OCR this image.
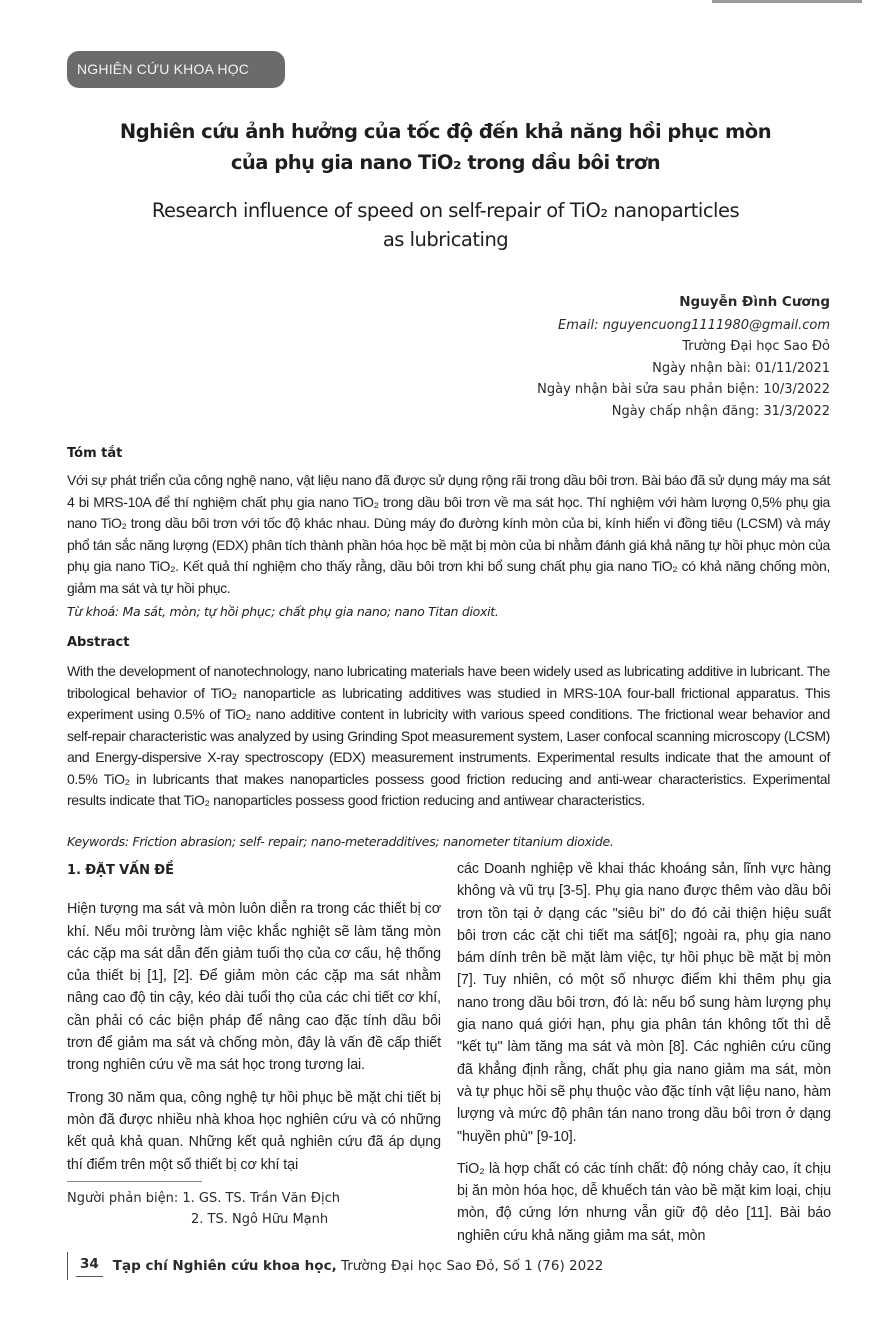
NGHIÊN CỨU KHOA HỌC
Nghiên cứu ảnh hưởng của tốc độ đến khả năng hồi phục mòn
của phụ gia nano TiO₂ trong dầu bôi trơn
Research influence of speed on self-repair of TiO₂ nanoparticles
as lubricating
Nguyễn Đình Cương
Email: nguyencuong1111980@gmail.com
Trường Đại học Sao Đỏ
Ngày nhận bài: 01/11/2021
Ngày nhận bài sửa sau phản biện: 10/3/2022
Ngày chấp nhận đăng: 31/3/2022
Tóm tắt
Với sự phát triển của công nghệ nano, vật liệu nano đã được sử dụng rộng rãi trong dầu bôi trơn. Bài báo đã sử dụng máy ma sát 4 bi MRS-10A để thí nghiệm chất phụ gia nano TiO₂ trong dầu bôi trơn về ma sát học. Thí nghiệm với hàm lượng 0,5% phụ gia nano TiO₂ trong dầu bôi trơn với tốc độ khác nhau. Dùng máy đo đường kính mòn của bi, kính hiển vi đồng tiêu (LCSM) và máy phổ tán sắc năng lượng (EDX) phân tích thành phần hóa học bề mặt bị mòn của bi nhằm đánh giá khả năng tự hồi phục mòn của phụ gia nano TiO₂. Kết quả thí nghiệm cho thấy rằng, dầu bôi trơn khi bổ sung chất phụ gia nano TiO₂ có khả năng chống mòn, giảm ma sát và tự hồi phục.
Từ khoá: Ma sát, mòn; tự hồi phục; chất phụ gia nano; nano Titan dioxit.
Abstract
With the development of nanotechnology, nano lubricating materials have been widely used as lubricating additive in lubricant. The tribological behavior of TiO₂ nanoparticle as lubricating additives was studied in MRS-10A four-ball frictional apparatus. This experiment using 0.5% of TiO₂ nano additive content in lubricity with various speed conditions. The frictional wear behavior and self-repair characteristic was analyzed by using Grinding Spot measurement system, Laser confocal scanning microscopy (LCSM) and Energy-dispersive X-ray spectroscopy (EDX) measurement instruments. Experimental results indicate that the amount of 0.5% TiO₂ in lubricants that makes nanoparticles possess good friction reducing and anti-wear characteristics. Experimental results indicate that TiO₂ nanoparticles possess good friction reducing and antiwear characteristics.
Keywords: Friction abrasion; self- repair; nano-meteradditives; nanometer titanium dioxide.
1. ĐẶT VẤN ĐỀ

Hiện tượng ma sát và mòn luôn diễn ra trong các thiết bị cơ khí. Nếu môi trường làm việc khắc nghiệt sẽ làm tăng mòn các cặp ma sát dẫn đến giảm tuổi thọ của cơ cấu, hệ thống của thiết bị [1], [2]. Để giảm mòn các cặp ma sát nhằm nâng cao độ tin cậy, kéo dài tuổi thọ của các chi tiết cơ khí, cần phải có các biện pháp để nâng cao đặc tính dầu bôi trơn để giảm ma sát và chống mòn, đây là vấn đề cấp thiết trong nghiên cứu về ma sát học trong tương lai.

Trong 30 năm qua, công nghệ tự hồi phục bề mặt chi tiết bị mòn đã được nhiều nhà khoa học nghiên cứu và có những kết quả khả quan. Những kết quả nghiên cứu đã áp dụng thí điểm trên một số thiết bị cơ khí tại

các Doanh nghiệp về khai thác khoáng sản, lĩnh vực hàng không và vũ trụ [3-5]. Phụ gia nano được thêm vào dầu bôi trơn tồn tại ở dạng các "siêu bi" do đó cải thiện hiệu suất bôi trơn các cặt chi tiết ma sát[6]; ngoài ra, phụ gia nano bám dính trên bề mặt làm việc, tự hồi phục bề mặt bị mòn [7]. Tuy nhiên, có một số nhược điểm khi thêm phụ gia nano trong dầu bôi trơn, đó là: nếu bổ sung hàm lượng phụ gia nano quá giới hạn, phụ gia phân tán không tốt thì dễ "kết tụ" làm tăng ma sát và mòn [8]. Các nghiên cứu cũng đã khẳng định rằng, chất phụ gia nano giảm ma sát, mòn và tự phục hồi sẽ phụ thuộc vào đặc tính vật liệu nano, hàm lượng và mức độ phân tán nano trong dầu bôi trơn ở dạng "huyền phù" [9-10].

TiO₂ là hợp chất có các tính chất: độ nóng chảy cao, ít chịu bị ăn mòn hóa học, dễ khuếch tán vào bề mặt kim loại, chịu mòn, độ cứng lớn nhưng vẫn giữ độ dẻo [11]. Bài báo nghiên cứu khả năng giảm ma sát, mòn

Người phản biện: 1. GS. TS. Trần Văn Địch
2. TS. Ngô Hữu Mạnh
34 Tạp chí Nghiên cứu khoa học, Trường Đại học Sao Đỏ, Số 1 (76) 2022
